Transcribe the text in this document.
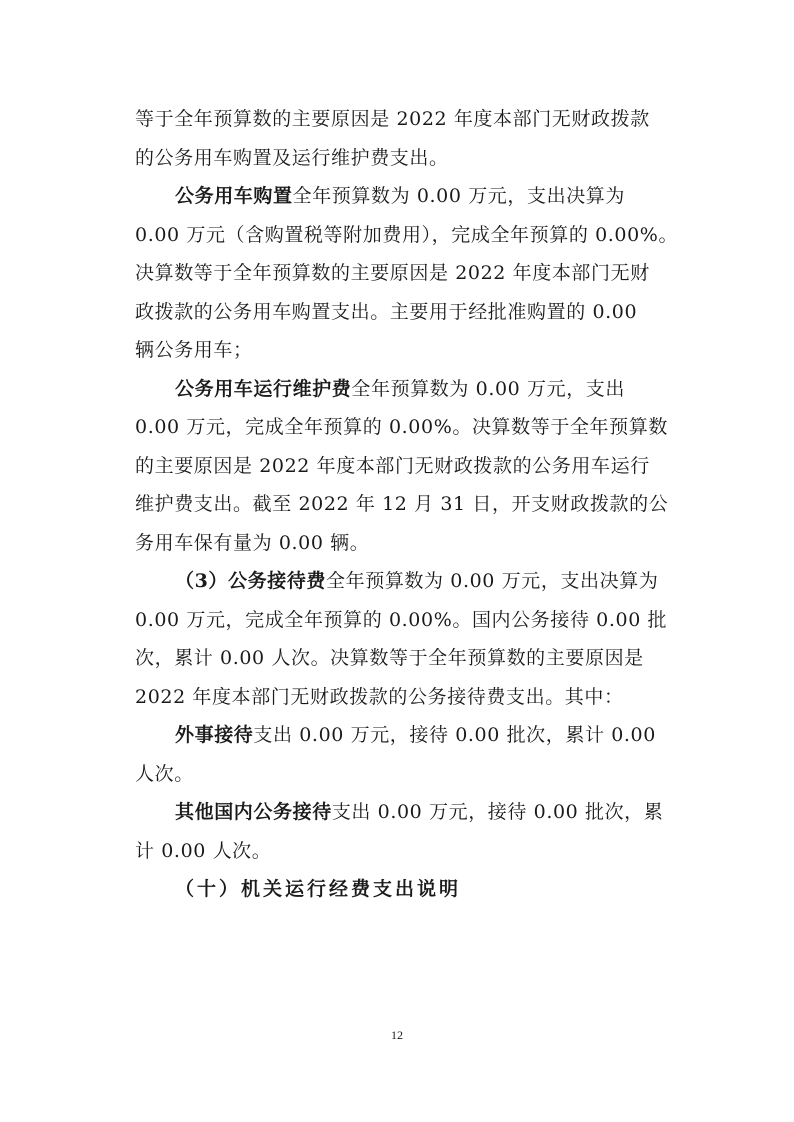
等于全年预算数的主要原因是 2022 年度本部门无财政拨款
的公务用车购置及运行维护费支出。
公务用车购置全年预算数为 0.00 万元，支出决算为
0.00 万元（含购置税等附加费用），完成全年预算的 0.00%。
决算数等于全年预算数的主要原因是 2022 年度本部门无财
政拨款的公务用车购置支出。主要用于经批准购置的 0.00
辆公务用车；
公务用车运行维护费全年预算数为 0.00 万元，支出
0.00 万元，完成全年预算的 0.00%。决算数等于全年预算数
的主要原因是 2022 年度本部门无财政拨款的公务用车运行
维护费支出。截至 2022 年 12 月 31 日，开支财政拨款的公
务用车保有量为 0.00 辆。
（3）公务接待费全年预算数为 0.00 万元，支出决算为
0.00 万元，完成全年预算的 0.00%。国内公务接待 0.00 批
次，累计 0.00 人次。决算数等于全年预算数的主要原因是
2022 年度本部门无财政拨款的公务接待费支出。其中：
外事接待支出 0.00 万元，接待 0.00 批次，累计 0.00
人次。
其他国内公务接待支出 0.00 万元，接待 0.00 批次，累
计 0.00 人次。
（十）机关运行经费支出说明
12
